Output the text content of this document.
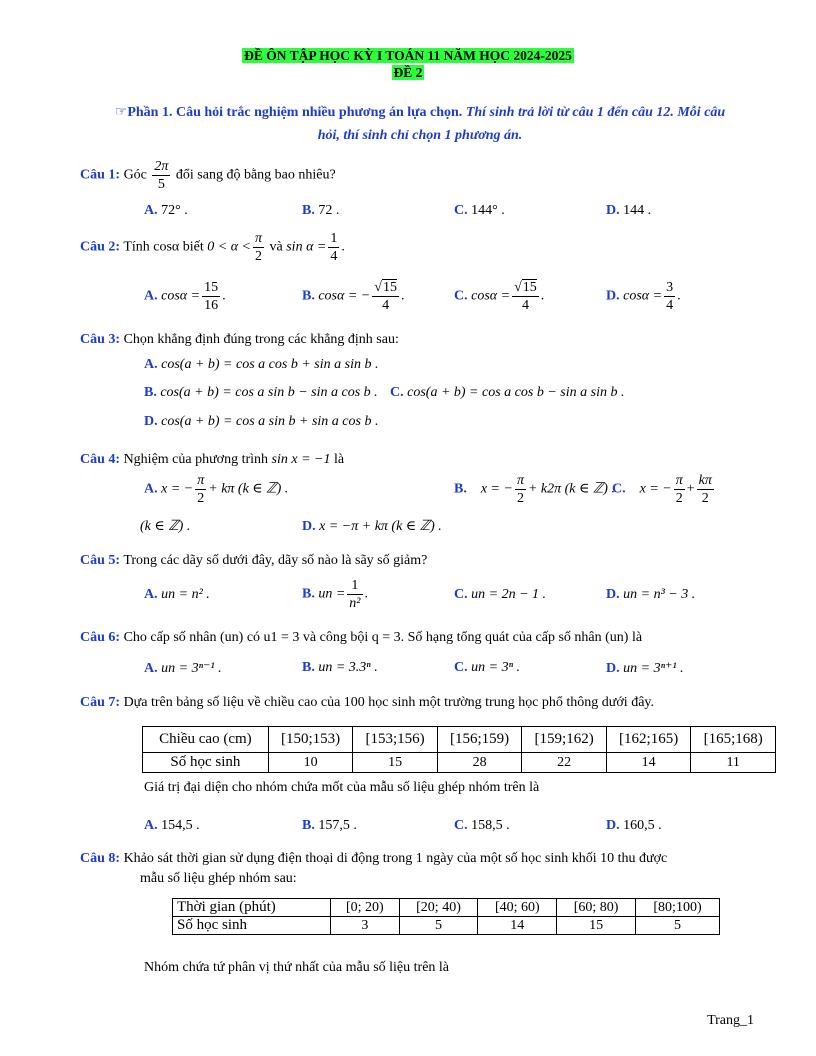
ĐỀ ÔN TẬP HỌC KỲ I TOÁN 11 NĂM HỌC 2024-2025
ĐỀ 2
☞Phần 1. Câu hỏi trắc nghiệm nhiều phương án lựa chọn. Thí sinh trả lời từ câu 1 đến câu 12. Mỗi câu
hỏi, thí sinh chỉ chọn 1 phương án.
Câu 1: Góc $\frac{2\pi}{5}$ đổi sang độ bằng bao nhiêu?
A. 72° .	B. 72 .	C. 144° .	D. 144 .
Câu 2: Tính cosα biết $0 < \alpha < \frac{\pi}{2}$ và $\sin \alpha = \frac{1}{4}$ .
A. $\cos\alpha = \frac{15}{16}$ .	B. cosα = − $\frac{√15}{4}$ .	C. $\cos\alpha = \frac{√15}{4}$ .	D. $\cos\alpha = \frac{3}{4}$ .
Câu 3: Chọn khẳng định đúng trong các khẳng định sau:
A. cos(a + b) = cos a cos b + sin a sin b .
B. cos(a + b) = cos a sin b − sin a cos b . C. cos(a + b) = cos a cos b − sin a sin b .
D. cos(a + b) = cos a sin b + sin a cos b .
Câu 4: Nghiệm của phương trình sin x = −1 là
A. x = − $\frac{\pi}{2} + k\pi$ (k ∈ ℤ) .	B. x = − $\frac{\pi}{2} + k2\pi$ (k ∈ ℤ) .
C. x = − $\frac{\pi}{2} + \frac{k\pi}{2}$
(k ∈ ℤ) .	D. x = −π + kπ (k ∈ ℤ) .
Câu 5: Trong các dãy số dưới đây, dãy số nào là sãy số giảm?
A. un = n² .	B. un = $\frac{1}{\text{n²}}$ .	C. un = 2n − 1 .	D. un = n³ − 3 .
Câu 6: Cho cấp số nhân (un) có u1 = 3 và công bội q = 3. Số hạng tổng quát của cấp số nhân (un) là
A. un = 3ⁿ⁻¹ .	B. un = 3.3ⁿ .	C. un = 3ⁿ .	D. un = 3ⁿ⁺¹ .
Câu 7: Dựa trên bảng số liệu về chiều cao của 100 học sinh một trường trung học phổ thông dưới đây.
Chiều cao (cm)	[150;153)	[153;156)	[156;159)	[159;162)	[162;165)	[165;168)
Số học sinh	10	15	28	22	14	11
Giá trị đại diện cho nhóm chứa mốt của mẫu số liệu ghép nhóm trên là
A. 154,5 .	B. 157,5 .	C. 158,5 .	D. 160,5 .
Câu 8: Khảo sát thời gian sử dụng điện thoại di động trong 1 ngày của một số học sinh khối 10 thu được
mẫu số liệu ghép nhóm sau:
Thời gian (phút)	[0; 20)	[20; 40)	[40; 60)	[60; 80)	[80;100)
Số học sinh	3	5	14	15	5
Nhóm chứa tứ phân vị thứ nhất của mẫu số liệu trên là
Trang_1
